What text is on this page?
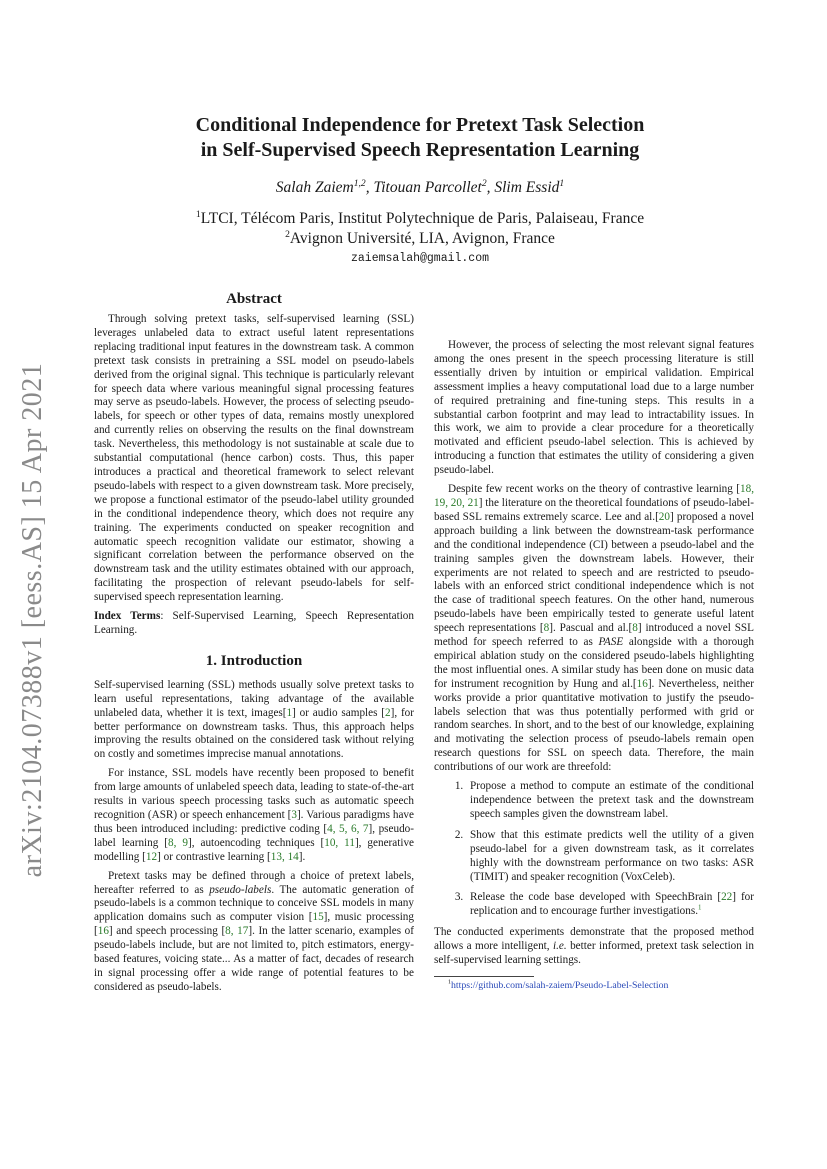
arXiv:2104.07388v1 [eess.AS] 15 Apr 2021
Conditional Independence for Pretext Task Selection
in Self-Supervised Speech Representation Learning
Salah Zaiem$^{1,2}$, Titouan Parcollet$^2$, Slim Essid$^1$
$^1$LTCI, Télécom Paris, Institut Polytechnique de Paris, Palaiseau, France
$^2$Avignon Université, LIA, Avignon, France
zaiemsalah@gmail.com
Abstract

Through solving pretext tasks, self-supervised learning (SSL) leverages unlabeled data to extract useful latent representations replacing traditional input features in the downstream task. A common pretext task consists in pretraining a SSL model on pseudo-labels derived from the original signal. This technique is particularly relevant for speech data where various meaningful signal processing features may serve as pseudo-labels. However, the process of selecting pseudo-labels, for speech or other types of data, remains mostly unexplored and currently relies on observing the results on the final downstream task. Nevertheless, this methodology is not sustainable at scale due to substantial computational (hence carbon) costs. Thus, this paper introduces a practical and theoretical framework to select relevant pseudo-labels with respect to a given downstream task. More precisely, we propose a functional estimator of the pseudo-label utility grounded in the conditional independence theory, which does not require any training. The experiments conducted on speaker recognition and automatic speech recognition validate our estimator, showing a significant correlation between the performance observed on the downstream task and the utility estimates obtained with our approach, facilitating the prospection of relevant pseudo-labels for self-supervised speech representation learning.

Index Terms: Self-Supervised Learning, Speech Representation Learning.

1. Introduction

Self-supervised learning (SSL) methods usually solve pretext tasks to learn useful representations, taking advantage of the available unlabeled data, whether it is text, images[1] or audio samples [2], for better performance on downstream tasks. Thus, this approach helps improving the results obtained on the considered task without relying on costly and sometimes imprecise manual annotations.

For instance, SSL models have recently been proposed to benefit from large amounts of unlabeled speech data, leading to state-of-the-art results in various speech processing tasks such as automatic speech recognition (ASR) or speech enhancement [3]. Various paradigms have thus been introduced including: predictive coding [4, 5, 6, 7], pseudo-label learning [8, 9], autoencoding techniques [10, 11], generative modelling [12] or contrastive learning [13, 14].

Pretext tasks may be defined through a choice of pretext labels, hereafter referred to as pseudo-labels. The automatic generation of pseudo-labels is a common technique to conceive SSL models in many application domains such as computer vision [15], music processing [16] and speech processing [8, 17]. In the latter scenario, examples of pseudo-labels include, but are not limited to, pitch estimators, energy-based features, voicing state... As a matter of fact, decades of research in signal processing offer a wide range of potential features to be considered as pseudo-labels.

However, the process of selecting the most relevant signal features among the ones present in the speech processing literature is still essentially driven by intuition or empirical validation. Empirical assessment implies a heavy computational load due to a large number of required pretraining and fine-tuning steps. This results in a substantial carbon footprint and may lead to intractability issues. In this work, we aim to provide a clear procedure for a theoretically motivated and efficient pseudo-label selection. This is achieved by introducing a function that estimates the utility of considering a given pseudo-label.

Despite few recent works on the theory of contrastive learning [18, 19, 20, 21] the literature on the theoretical foundations of pseudo-label-based SSL remains extremely scarce. Lee and al.[20] proposed a novel approach building a link between the downstream-task performance and the conditional independence (CI) between a pseudo-label and the training samples given the downstream labels. However, their experiments are not related to speech and are restricted to pseudo-labels with an enforced strict conditional independence which is not the case of traditional speech features. On the other hand, numerous pseudo-labels have been empirically tested to generate useful latent speech representations [8]. Pascual and al.[8] introduced a novel SSL method for speech referred to as PASE alongside with a thorough empirical ablation study on the considered pseudo-labels highlighting the most influential ones. A similar study has been done on music data for instrument recognition by Hung and al.[16]. Nevertheless, neither works provide a prior quantitative motivation to justify the pseudo-labels selection that was thus potentially performed with grid or random searches. In short, and to the best of our knowledge, explaining and motivating the selection process of pseudo-labels remain open research questions for SSL on speech data. Therefore, the main contributions of our work are threefold:

1. Propose a method to compute an estimate of the conditional independence between the pretext task and the downstream speech samples given the downstream label.
2. Show that this estimate predicts well the utility of a given pseudo-label for a given downstream task, as it correlates highly with the downstream performance on two tasks: ASR (TIMIT) and speaker recognition (VoxCeleb).
3. Release the code base developed with SpeechBrain [22] for replication and to encourage further investigations.$^1$

The conducted experiments demonstrate that the proposed method allows a more intelligent, i.e. better informed, pretext task selection in self-supervised learning settings.

$^1$https://github.com/salah-zaiem/Pseudo-Label-Selection
